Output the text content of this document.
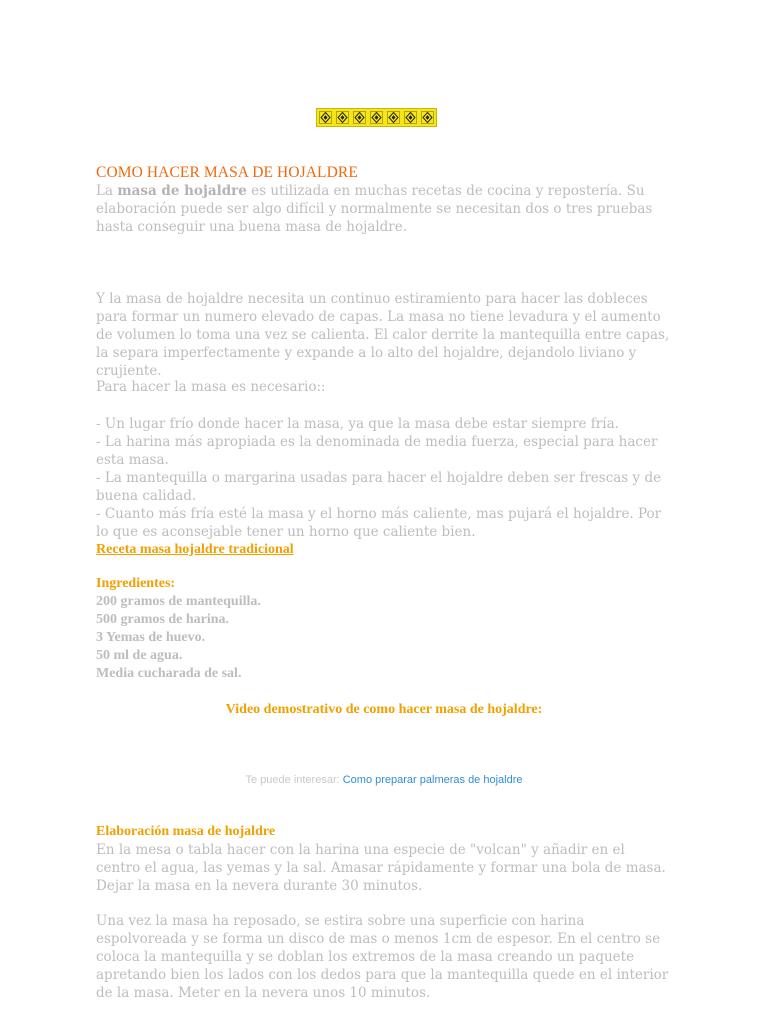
COMO HACER MASA DE HOJALDRE

La masa de hojaldre es utilizada en muchas recetas de cocina y repostería. Su elaboración puede ser algo difícil y normalmente se necesitan dos o tres pruebas hasta conseguir una buena masa de hojaldre.

Y la masa de hojaldre necesita un continuo estiramiento para hacer las dobleces para formar un numero elevado de capas. La masa no tiene levadura y el aumento de volumen lo toma una vez se calienta. El calor derrite la mantequilla entre capas, la separa imperfectamente y expande a lo alto del hojaldre, dejandolo liviano y crujiente.

Para hacer la masa es necesario::

- Un lugar frío donde hacer la masa, ya que la masa debe estar siempre fría.
- La harina más apropiada es la denominada de media fuerza, especial para hacer esta masa.
- La mantequilla o margarina usadas para hacer el hojaldre deben ser frescas y de buena calidad.
- Cuanto más fría esté la masa y el horno más caliente, mas pujará el hojaldre. Por lo que es aconsejable tener un horno que caliente bien.
Receta masa hojaldre tradicional
Ingredientes:
200 gramos de mantequilla.
500 gramos de harina.
3 Yemas de huevo.
50 ml de agua.
Media cucharada de sal.
Video demostrativo de como hacer masa de hojaldre:
Te puede interesar: Como preparar palmeras de hojaldre
Elaboración masa de hojaldre

En la mesa o tabla hacer con la harina una especie de "volcan" y añadir en el centro el agua, las yemas y la sal. Amasar rápidamente y formar una bola de masa. Dejar la masa en la nevera durante 30 minutos.

Una vez la masa ha reposado, se estira sobre una superficie con harina espolvoreada y se forma un disco de mas o menos 1cm de espesor. En el centro se coloca la mantequilla y se doblan los extremos de la masa creando un paquete apretando bien los lados con los dedos para que la mantequilla quede en el interior de la masa. Meter en la nevera unos 10 minutos.
